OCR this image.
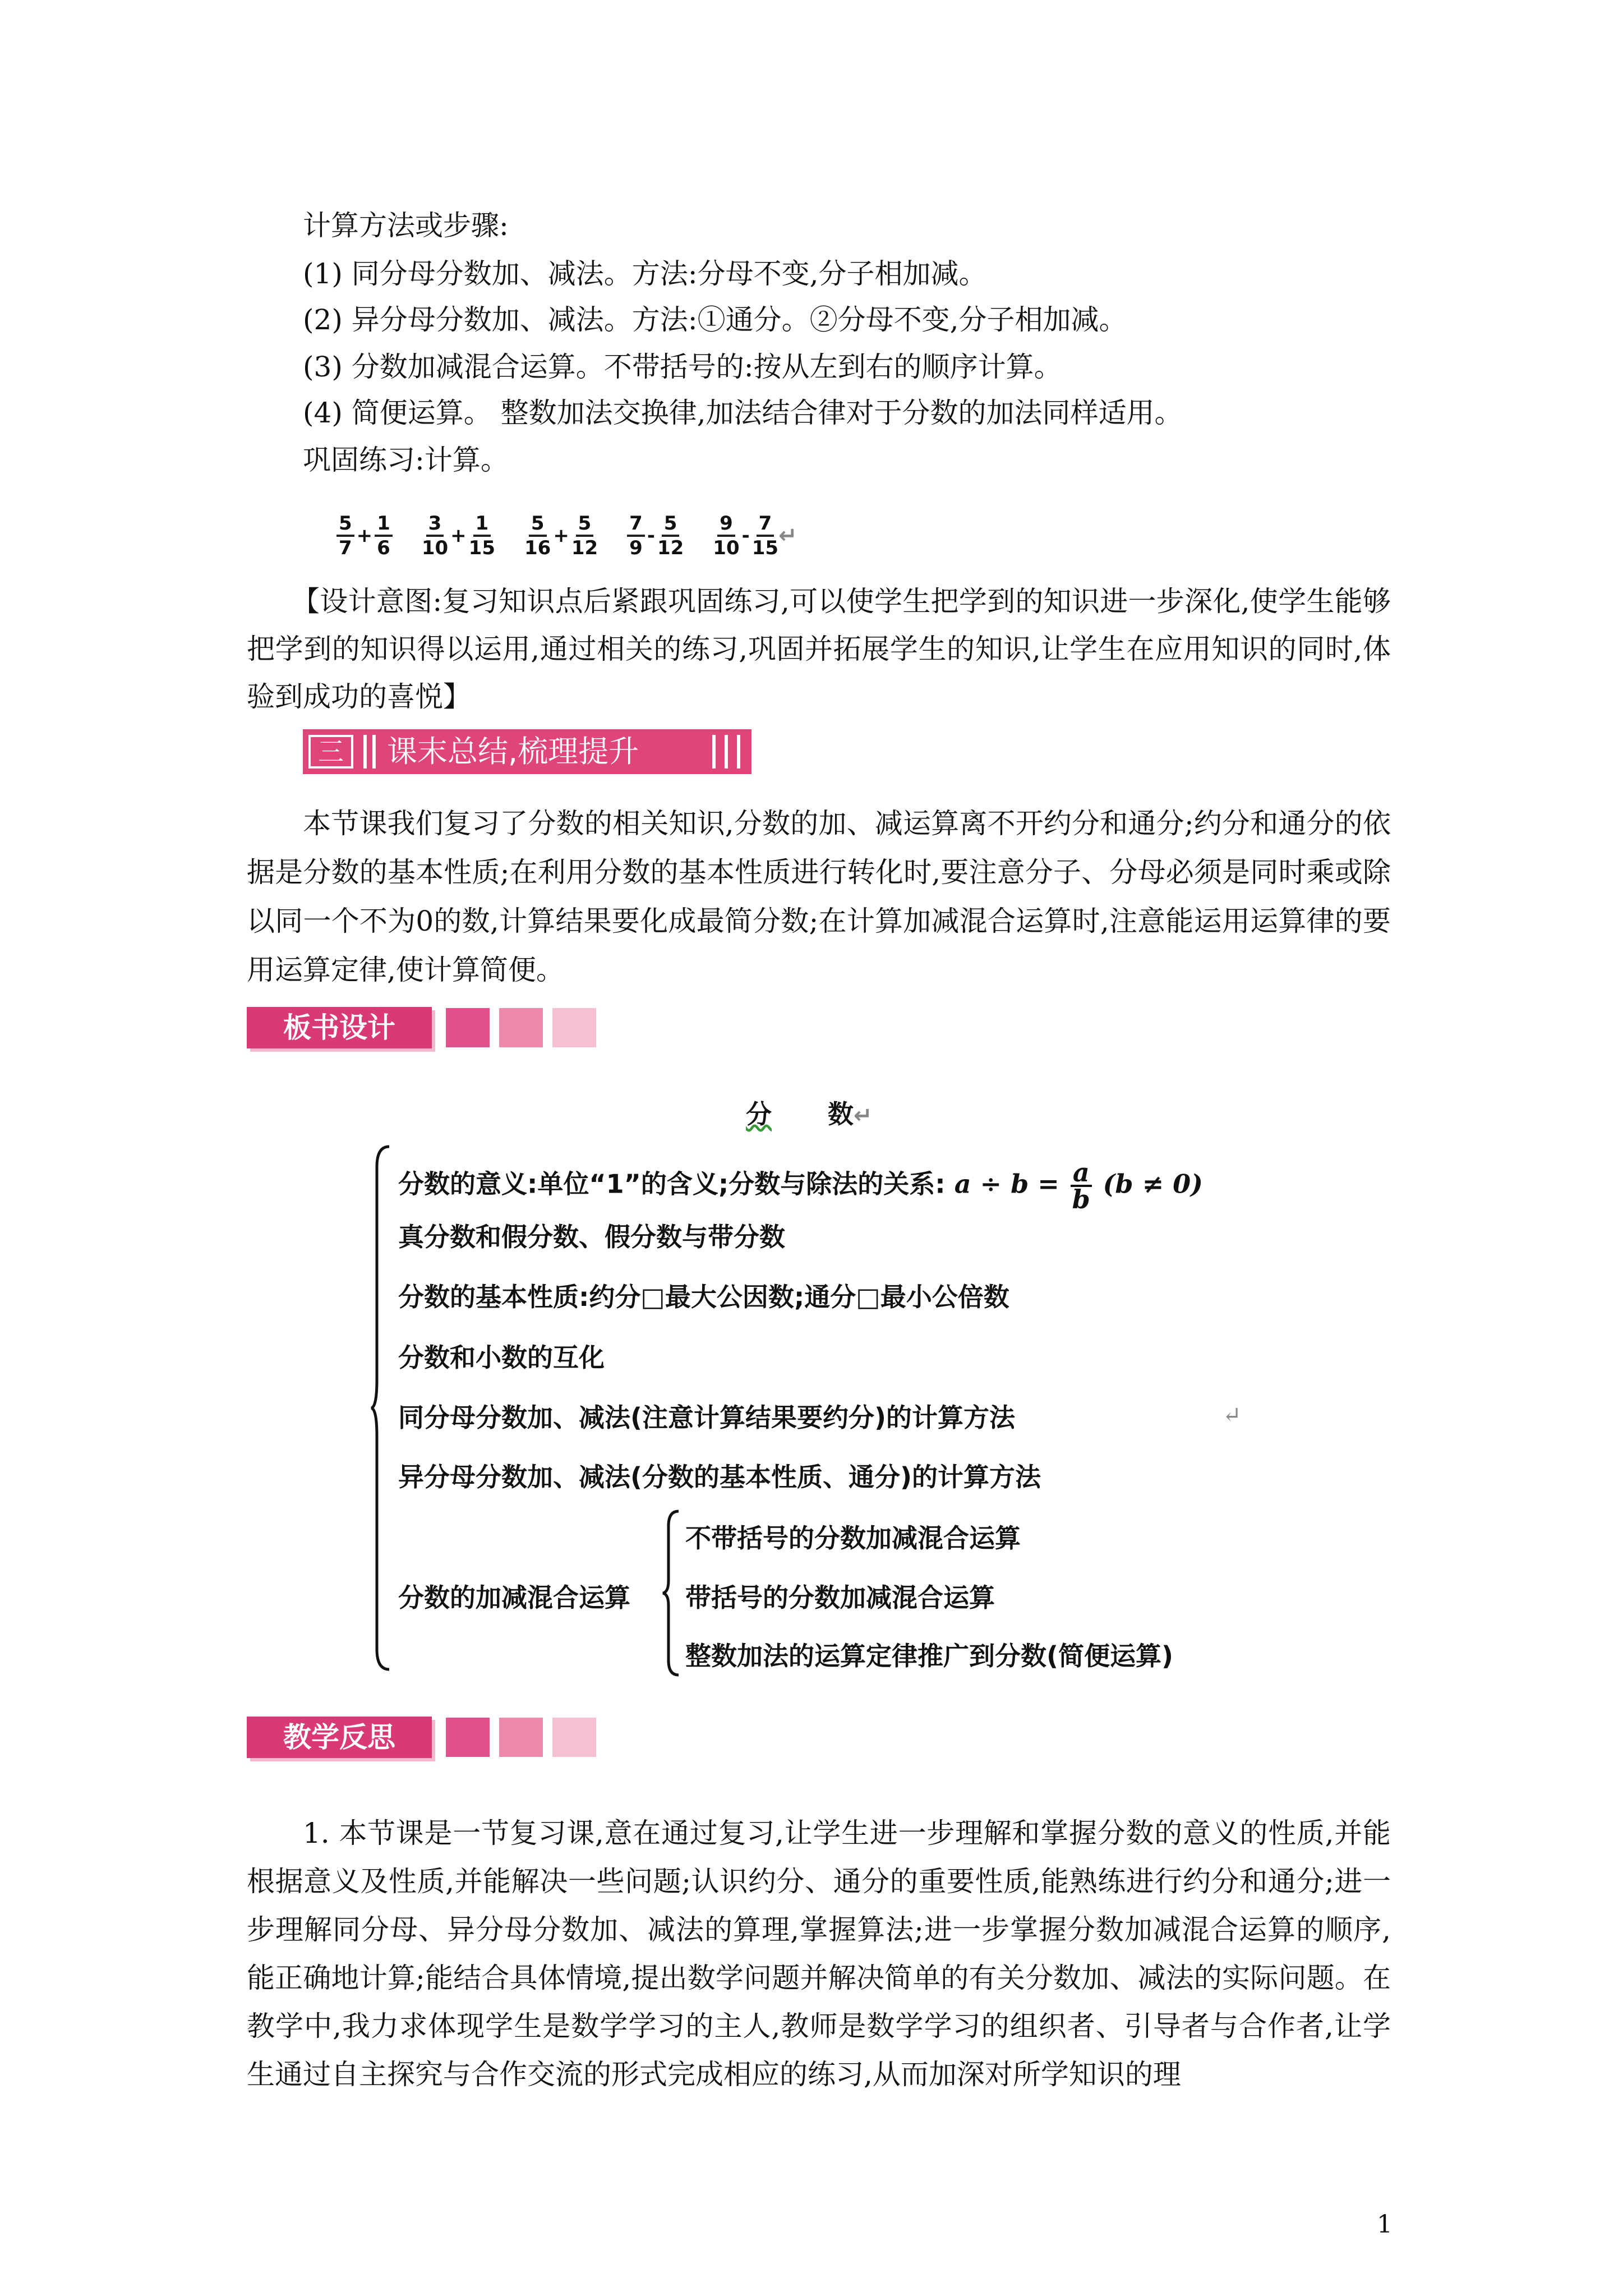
计算方法或步骤:
(1) 同分母分数加、减法。方法:分母不变,分子相加减。
(2) 异分母分数加、减法。方法:①通分。②分母不变,分子相加减。
(3) 分数加减混合运算。不带括号的:按从左到右的顺序计算。
(4) 简便运算。 整数加法交换律,加法结合律对于分数的加法同样适用。
巩固练习:计算。
$\frac{5}{7} + \frac{1}{6} \frac{3}{10} + \frac{1}{15} \frac{5}{16} + \frac{5}{12} \frac{7}{9} - \frac{5}{12} \frac{9}{10} - \frac{7}{15}$ ↵
【设计意图:复习知识点后紧跟巩固练习,可以使学生把学到的知识进一步深化,使学生能够把学到的知识得以运用,通过相关的练习,巩固并拓展学生的知识,让学生在应用知识的同时,体验到成功的喜悦】
三	课末总结,梳理提升
本节课我们复习了分数的相关知识,分数的加、减运算离不开约分和通分;约分和通分的依据是分数的基本性质;在利用分数的基本性质进行转化时,要注意分子、分母必须是同时乘或除以同一个不为0的数,计算结果要化成最简分数;在计算加减混合运算时,注意能运用运算律的要用运算定律,使计算简便。
板书设计
分 数↵
分数的意义:单位“1”的含义;分数与除法的关系: $a \div b = \frac{a}{b} (b \ne 0)$
真分数和假分数、假分数与带分数
分数的基本性质:约分□最大公因数;通分□最小公倍数
分数和小数的互化
同分母分数加、减法(注意计算结果要约分)的计算方法	↵
异分母分数加、减法(分数的基本性质、通分)的计算方法
分数的加减混合运算
不带括号的分数加减混合运算
带括号的分数加减混合运算
整数加法的运算定律推广到分数(简便运算)
教学反思
1. 本节课是一节复习课,意在通过复习,让学生进一步理解和掌握分数的意义的性质,并能根据意义及性质,并能解决一些问题;认识约分、通分的重要性质,能熟练进行约分和通分;进一步理解同分母、异分母分数加、减法的算理,掌握算法;进一步掌握分数加减混合运算的顺序,能正确地计算;能结合具体情境,提出数学问题并解决简单的有关分数加、减法的实际问题。在教学中,我力求体现学生是数学学习的主人,教师是数学学习的组织者、引导者与合作者,让学生通过自主探究与合作交流的形式完成相应的练习,从而加深对所学知识的理
1
